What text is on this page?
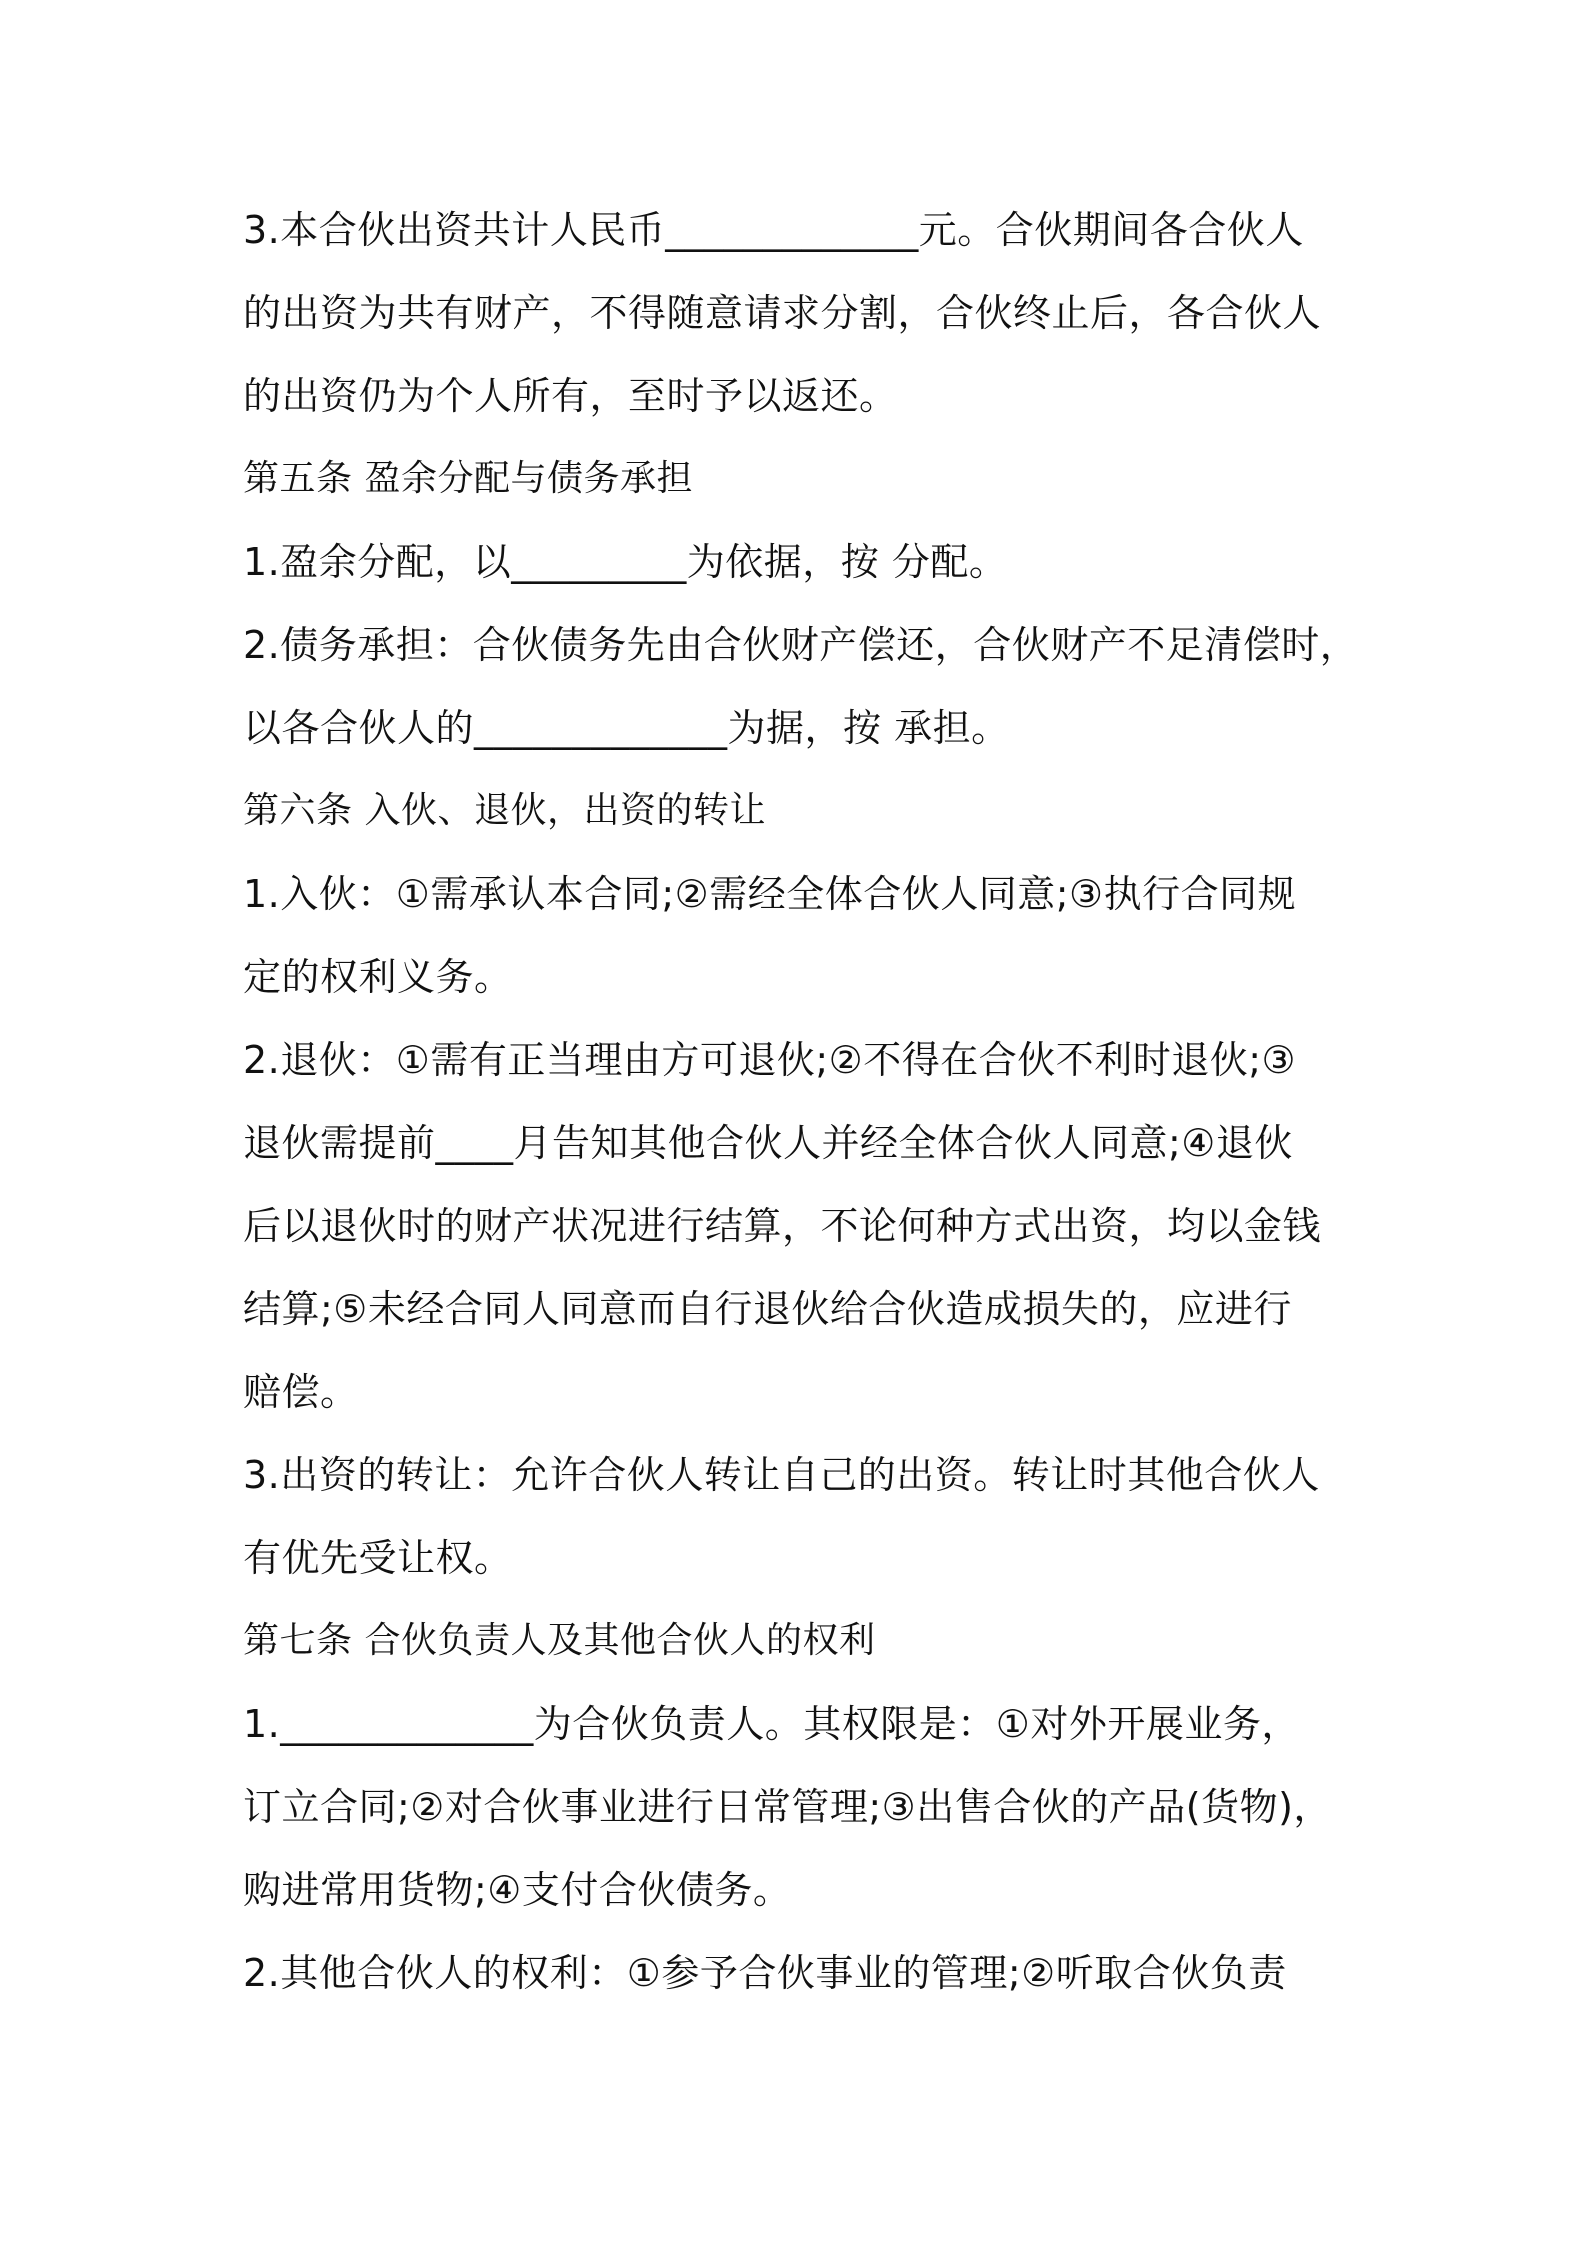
3.本合伙出资共计人民币_____________元。合伙期间各合伙人
的出资为共有财产，不得随意请求分割，合伙终止后，各合伙人
的出资仍为个人所有，至时予以返还。
第五条 盈余分配与债务承担
1.盈余分配，以_________为依据，按 分配。
2.债务承担：合伙债务先由合伙财产偿还，合伙财产不足清偿时，
以各合伙人的_____________为据，按 承担。
第六条 入伙、退伙，出资的转让
1.入伙：①需承认本合同;②需经全体合伙人同意;③执行合同规
定的权利义务。
2.退伙：①需有正当理由方可退伙;②不得在合伙不利时退伙;③
退伙需提前____月告知其他合伙人并经全体合伙人同意;④退伙
后以退伙时的财产状况进行结算，不论何种方式出资，均以金钱
结算;⑤未经合同人同意而自行退伙给合伙造成损失的，应进行
赔偿。
3.出资的转让：允许合伙人转让自己的出资。转让时其他合伙人
有优先受让权。
第七条 合伙负责人及其他合伙人的权利
1._____________为合伙负责人。其权限是：①对外开展业务，
订立合同;②对合伙事业进行日常管理;③出售合伙的产品(货物)，
购进常用货物;④支付合伙债务。
2.其他合伙人的权利：①参予合伙事业的管理;②听取合伙负责
